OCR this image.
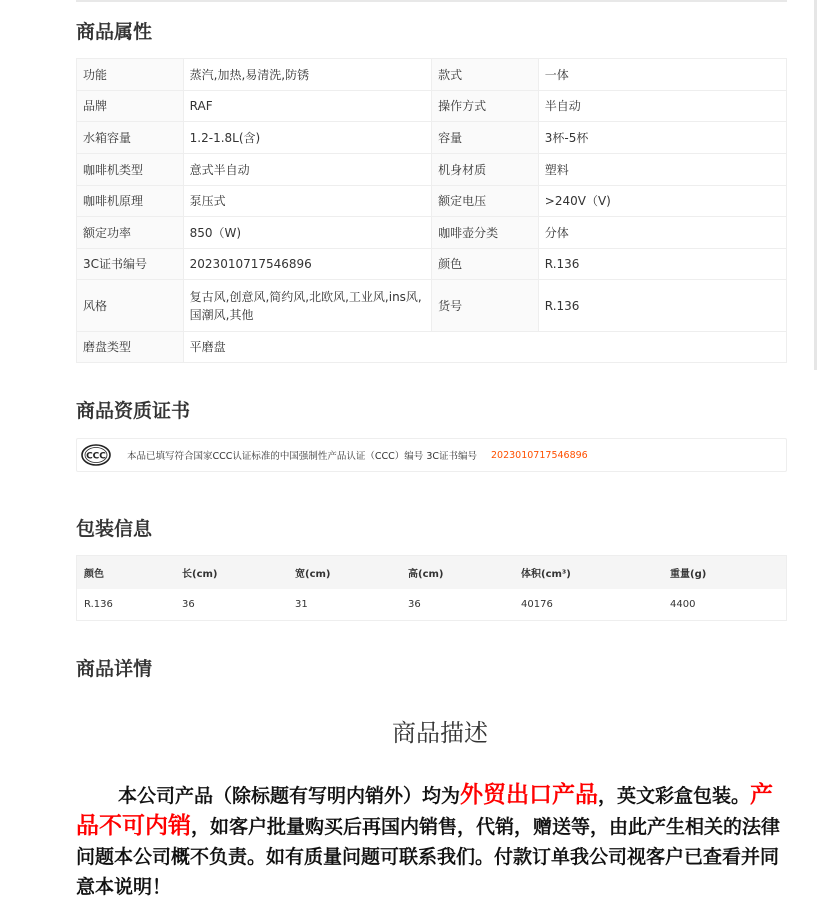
商品属性
功能	蒸汽,加热,易清洗,防锈	款式	一体
品牌	RAF	操作方式	半自动
水箱容量	1.2-1.8L(含)	容量	3杯-5杯
咖啡机类型	意式半自动	机身材质	塑料
咖啡机原理	泵压式	额定电压	>240V（V)
额定功率	850（W)	咖啡壶分类	分体
3C证书编号	2023010717546896	颜色	R.136
风格	复古风,创意风,简约风,北欧风,工业风,ins风,国潮风,其他	货号	R.136
磨盘类型	平磨盘		
商品资质证书
CCC 本品已填写符合国家CCC认证标准的中国强制性产品认证（CCC）编号 3C证书编号 2023010717546896
包装信息
颜色	长(cm)	宽(cm)	高(cm)	体积(cm³)	重量(g)
R.136	36	31	36	40176	4400
商品详情
商品描述

本公司产品（除标题有写明内销外）均为外贸出口产品，英文彩盒包装。产品不可内销，如客户批量购买后再国内销售，代销，赠送等，由此产生相关的法律问题本公司概不负责。如有质量问题可联系我们。付款订单我公司视客户已查看并同意本说明！
